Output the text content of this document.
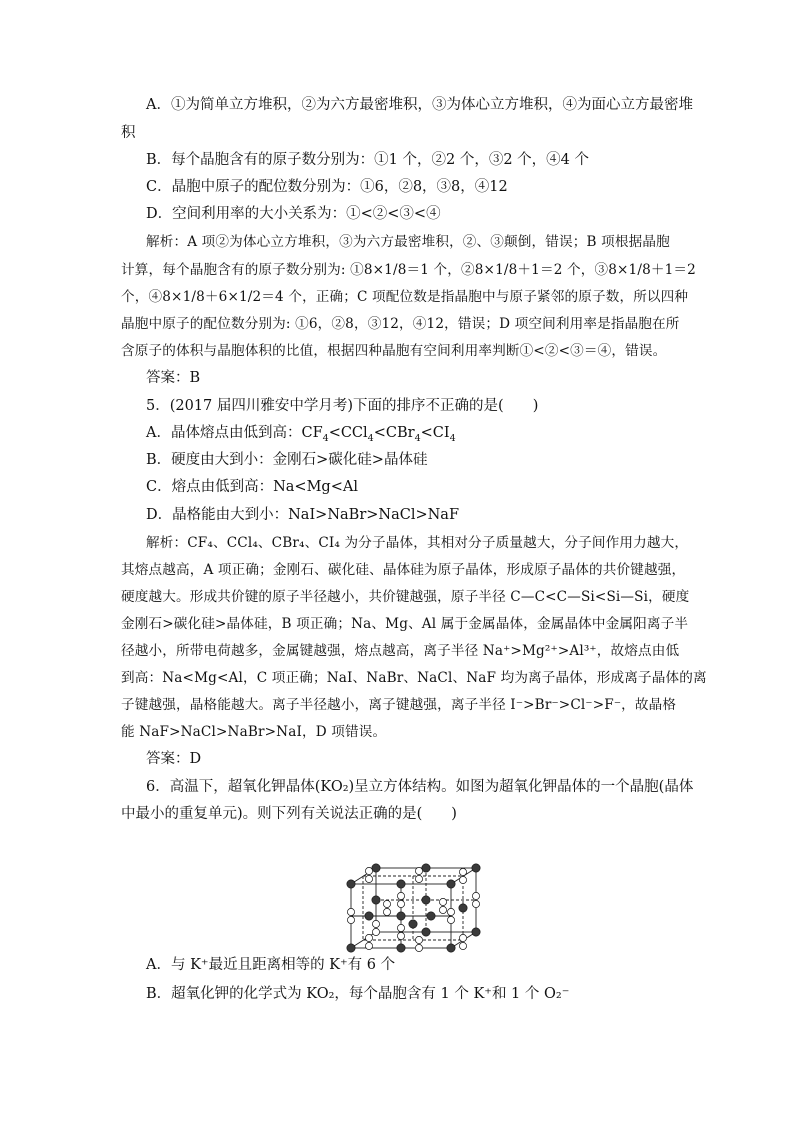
A．①为简单立方堆积，②为六方最密堆积，③为体心立方堆积，④为面心立方最密堆
积
B．每个晶胞含有的原子数分别为：①1 个，②2 个，③2 个，④4 个
C．晶胞中原子的配位数分别为：①6，②8，③8，④12
D．空间利用率的大小关系为：①<②<③<④
解析：A 项②为体心立方堆积，③为六方最密堆积，②、③颠倒，错误；B 项根据晶胞
计算，每个晶胞含有的原子数分别为: ①8×1/8＝1 个，②8×1/8＋1＝2 个，③8×1/8＋1＝2
个，④8×1/8＋6×1/2＝4 个，正确；C 项配位数是指晶胞中与原子紧邻的原子数，所以四种
晶胞中原子的配位数分别为: ①6，②8，③12，④12，错误；D 项空间利用率是指晶胞在所
含原子的体积与晶胞体积的比值，根据四种晶胞有空间利用率判断①<②<③＝④，错误。
答案：B
5．(2017 届四川雅安中学月考)下面的排序不正确的是(　　)
A．晶体熔点由低到高：$CF_4<CCl_4<CBr_4<CI_4$
B．硬度由大到小：金刚石>碳化硅>晶体硅
C．熔点由低到高：Na<Mg<Al
D．晶格能由大到小：NaI>NaBr>NaCl>NaF
解析：CF₄、CCl₄、CBr₄、CI₄ 为分子晶体，其相对分子质量越大，分子间作用力越大，
其熔点越高，A 项正确；金刚石、碳化硅、晶体硅为原子晶体，形成原子晶体的共价键越强，
硬度越大。形成共价键的原子半径越小，共价键越强，原子半径 C—C<C—Si<Si—Si，硬度
金刚石>碳化硅>晶体硅，B 项正确；Na、Mg、Al 属于金属晶体，金属晶体中金属阳离子半
径越小，所带电荷越多，金属键越强，熔点越高，离子半径 Na⁺>Mg²⁺>Al³⁺，故熔点由低
到高：Na<Mg<Al，C 项正确；NaI、NaBr、NaCl、NaF 均为离子晶体，形成离子晶体的离
子键越强，晶格能越大。离子半径越小，离子键越强，离子半径 I⁻>Br⁻>Cl⁻>F⁻，故晶格
能 NaF>NaCl>NaBr>NaI，D 项错误。
答案：D
6．高温下，超氧化钾晶体(KO₂)呈立方体结构。如图为超氧化钾晶体的一个晶胞(晶体
中最小的重复单元)。则下列有关说法正确的是(　　)
A．与 K⁺最近且距离相等的 K⁺有 6 个
B．超氧化钾的化学式为 KO₂，每个晶胞含有 1 个 K⁺和 1 个 O₂⁻
